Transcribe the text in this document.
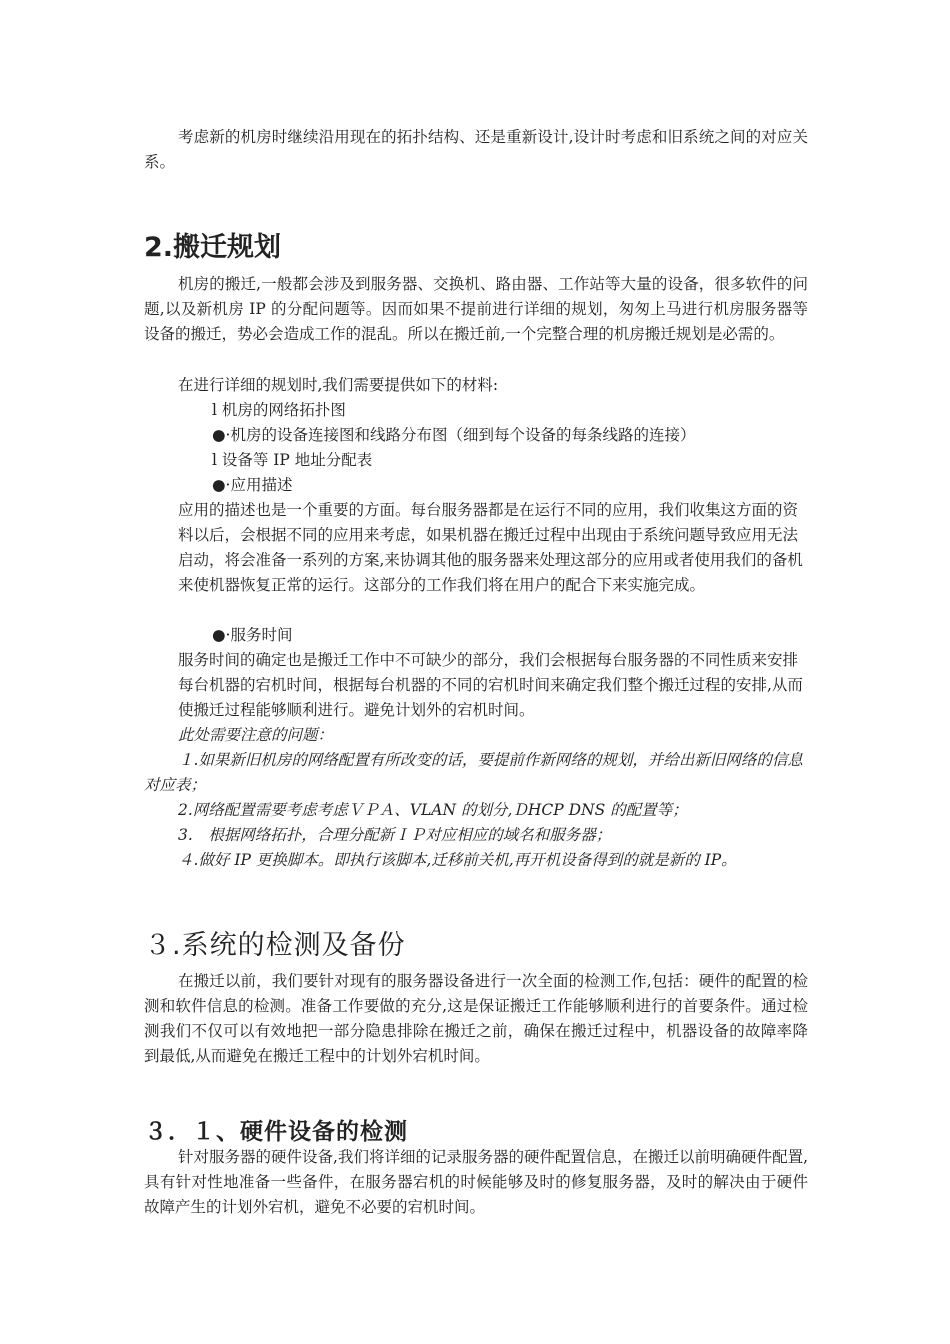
考虑新的机房时继续沿用现在的拓扑结构、还是重新设计,设计时考虑和旧系统之间的对应关系。

2.搬迁规划

机房的搬迁,一般都会涉及到服务器、交换机、路由器、工作站等大量的设备，很多软件的问题,以及新机房 IP 的分配问题等。因而如果不提前进行详细的规划，匆匆上马进行机房服务器等设备的搬迁，势必会造成工作的混乱。所以在搬迁前,一个完整合理的机房搬迁规划是必需的。

在进行详细的规划时,我们需要提供如下的材料:

l 机房的网络拓扑图

●·机房的设备连接图和线路分布图（细到每个设备的每条线路的连接）

l 设备等 IP 地址分配表

●·应用描述

应用的描述也是一个重要的方面。每台服务器都是在运行不同的应用，我们收集这方面的资料以后，会根据不同的应用来考虑，如果机器在搬迁过程中出现由于系统问题导致应用无法启动，将会准备一系列的方案,来协调其他的服务器来处理这部分的应用或者使用我们的备机来使机器恢复正常的运行。这部分的工作我们将在用户的配合下来实施完成。

●·服务时间

服务时间的确定也是搬迁工作中不可缺少的部分，我们会根据每台服务器的不同性质来安排每台机器的宕机时间，根据每台机器的不同的宕机时间来确定我们整个搬迁过程的安排,从而使搬迁过程能够顺利进行。避免计划外的宕机时间。

此处需要注意的问题：

１.如果新旧机房的网络配置有所改变的话，要提前作新网络的规划，并给出新旧网络的信息对应表；

2.网络配置需要考虑考虑ＶＰＡ、VLAN 的划分,ＤHCP DNS 的配置等；

3.　根据网络拓扑，合理分配新ＩＰ对应相应的域名和服务器；

４.做好 IP 更换脚本。即执行该脚本,迁移前关机,再开机设备得到的就是新的 IP。

３.系统的检测及备份

在搬迁以前，我们要针对现有的服务器设备进行一次全面的检测工作,包括：硬件的配置的检测和软件信息的检测。准备工作要做的充分,这是保证搬迁工作能够顺利进行的首要条件。通过检测我们不仅可以有效地把一部分隐患排除在搬迁之前，确保在搬迁过程中，机器设备的故障率降到最低,从而避免在搬迁工程中的计划外宕机时间。

３．１、硬件设备的检测

针对服务器的硬件设备,我们将详细的记录服务器的硬件配置信息，在搬迁以前明确硬件配置,具有针对性地准备一些备件，在服务器宕机的时候能够及时的修复服务器，及时的解决由于硬件故障产生的计划外宕机，避免不必要的宕机时间。
